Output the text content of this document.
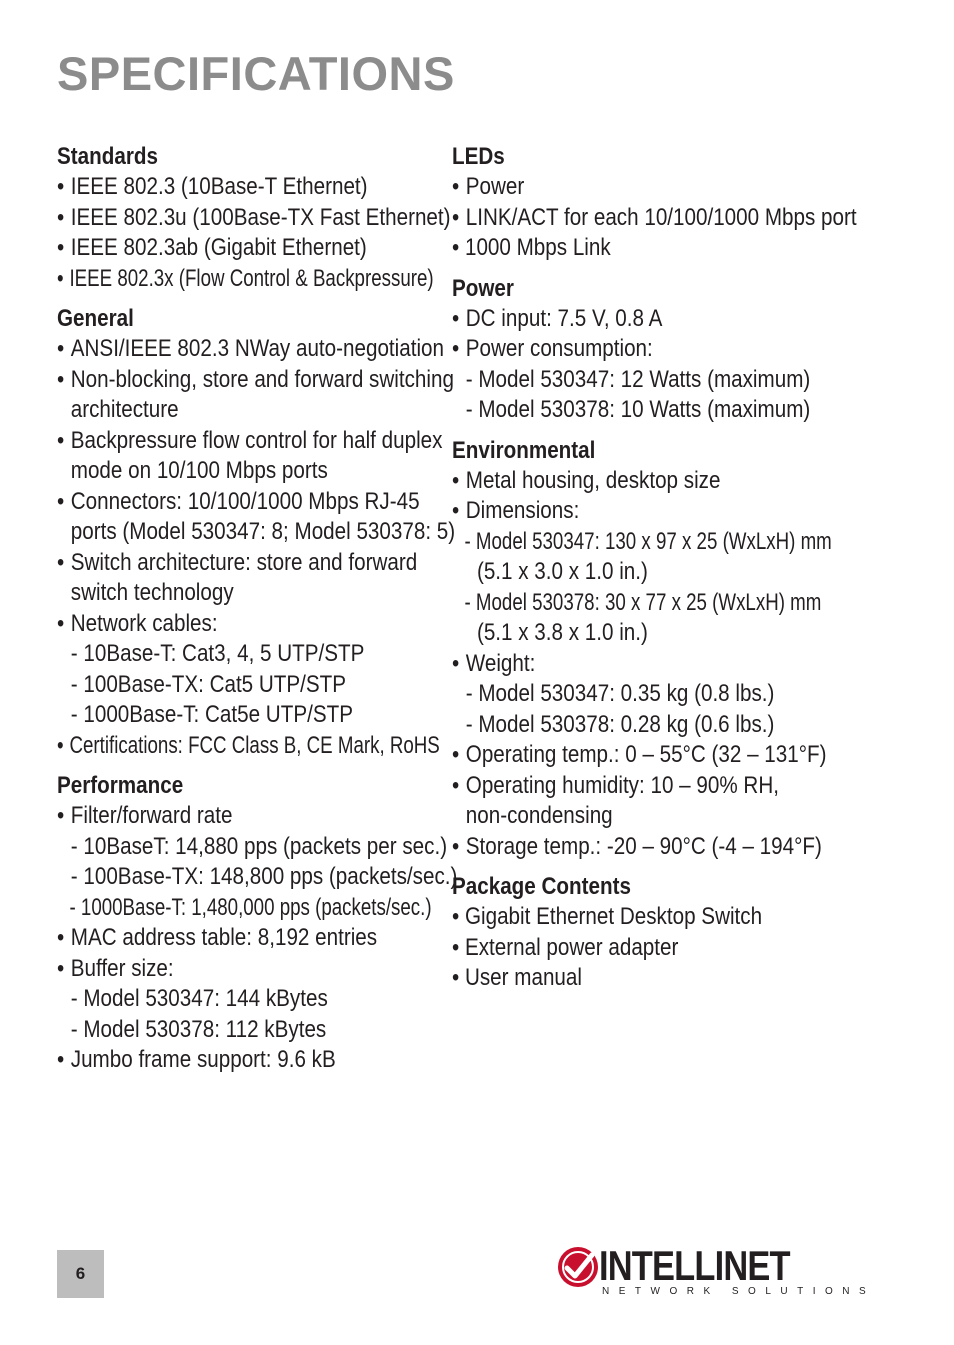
SPECIFICATIONS
Standards
• IEEE 802.3 (10Base-T Ethernet)
• IEEE 802.3u (100Base-TX Fast Ethernet)
• IEEE 802.3ab (Gigabit Ethernet)
• IEEE 802.3x (Flow Control & Backpressure)
General
• ANSI/IEEE 802.3 NWay auto-negotiation
• Non-blocking, store and forward switching
architecture
• Backpressure flow control for half duplex
mode on 10/100 Mbps ports
• Connectors: 10/100/1000 Mbps RJ-45
ports (Model 530347: 8; Model 530378: 5)
• Switch architecture: store and forward
switch technology
• Network cables:
- 10Base-T: Cat3, 4, 5 UTP/STP
- 100Base-TX: Cat5 UTP/STP
- 1000Base-T: Cat5e UTP/STP
• Certifications: FCC Class B, CE Mark, RoHS
Performance
• Filter/forward rate
- 10BaseT: 14,880 pps (packets per sec.)
- 100Base-TX: 148,800 pps (packets/sec.)
- 1000Base-T: 1,480,000 pps (packets/sec.)
• MAC address table: 8,192 entries
• Buffer size:
- Model 530347: 144 kBytes
- Model 530378: 112 kBytes
• Jumbo frame support: 9.6 kB
LEDs
• Power
• LINK/ACT for each 10/100/1000 Mbps port
• 1000 Mbps Link
Power
• DC input: 7.5 V, 0.8 A
• Power consumption:
- Model 530347: 12 Watts (maximum)
- Model 530378: 10 Watts (maximum)
Environmental
• Metal housing, desktop size
• Dimensions:
- Model 530347: 130 x 97 x 25 (WxLxH) mm
(5.1 x 3.0 x 1.0 in.)
- Model 530378: 30 x 77 x 25 (WxLxH) mm
(5.1 x 3.8 x 1.0 in.)
• Weight:
- Model 530347: 0.35 kg (0.8 lbs.)
- Model 530378: 0.28 kg (0.6 lbs.)
• Operating temp.: 0 – 55°C (32 – 131°F)
• Operating humidity: 10 – 90% RH,
non-condensing
• Storage temp.: -20 – 90°C (-4 – 194°F)
Package Contents
• Gigabit Ethernet Desktop Switch
• External power adapter
• User manual
6	INTELLINET
NETWORK SOLUTIONS
